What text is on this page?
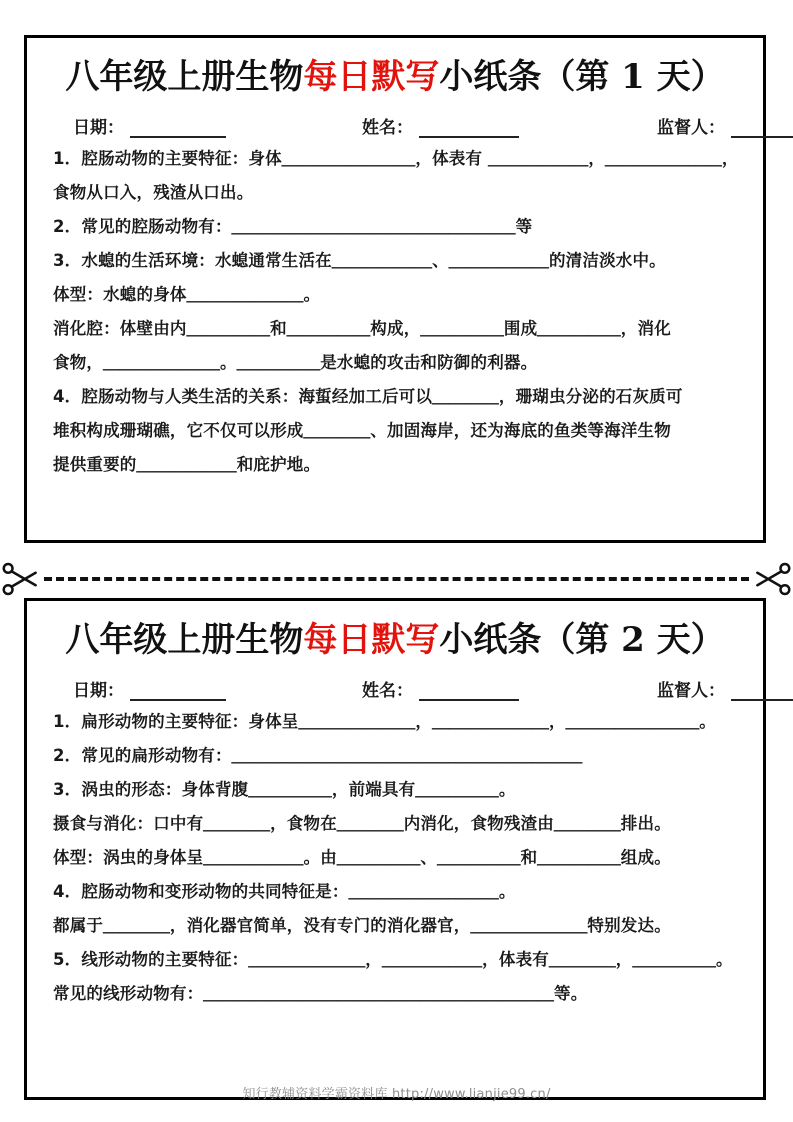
八年级上册生物每日默写小纸条（第 1 天）
日期：	姓名：	监督人：
1．腔肠动物的主要特征：身体＿＿＿＿＿＿＿＿，体表有 ＿＿＿＿＿＿，＿＿＿＿＿＿＿，
食物从口入，残渣从口出。
2．常见的腔肠动物有：＿＿＿＿＿＿＿＿＿＿＿＿＿＿＿＿＿等
3．水螅的生活环境：水螅通常生活在＿＿＿＿＿＿、＿＿＿＿＿＿的清洁淡水中。
体型：水螅的身体＿＿＿＿＿＿＿。
消化腔：体壁由内＿＿＿＿＿和＿＿＿＿＿构成，＿＿＿＿＿围成＿＿＿＿＿，消化
食物，＿＿＿＿＿＿＿。＿＿＿＿＿是水螅的攻击和防御的利器。
4．腔肠动物与人类生活的关系：海蜇经加工后可以＿＿＿＿，珊瑚虫分泌的石灰质可
堆积构成珊瑚礁，它不仅可以形成＿＿＿＿、加固海岸，还为海底的鱼类等海洋生物
提供重要的＿＿＿＿＿＿和庇护地。
八年级上册生物每日默写小纸条（第 2 天）
日期：	姓名：	监督人：
1．扁形动物的主要特征：身体呈＿＿＿＿＿＿＿，＿＿＿＿＿＿＿，＿＿＿＿＿＿＿＿。
2．常见的扁形动物有：＿＿＿＿＿＿＿＿＿＿＿＿＿＿＿＿＿＿＿＿＿
3．涡虫的形态：身体背腹＿＿＿＿＿，前端具有＿＿＿＿＿。
摄食与消化：口中有＿＿＿＿，食物在＿＿＿＿内消化，食物残渣由＿＿＿＿排出。
体型：涡虫的身体呈＿＿＿＿＿＿。由＿＿＿＿＿、＿＿＿＿＿和＿＿＿＿＿组成。
4．腔肠动物和变形动物的共同特征是：＿＿＿＿＿＿＿＿＿。
都属于＿＿＿＿，消化器官简单，没有专门的消化器官，＿＿＿＿＿＿＿特别发达。
5．线形动物的主要特征：＿＿＿＿＿＿＿，＿＿＿＿＿＿，体表有＿＿＿＿，＿＿＿＿＿。
常见的线形动物有：＿＿＿＿＿＿＿＿＿＿＿＿＿＿＿＿＿＿＿＿＿等。
知行教辅资料学霸资料库 http://www.lianjie99.cn/
